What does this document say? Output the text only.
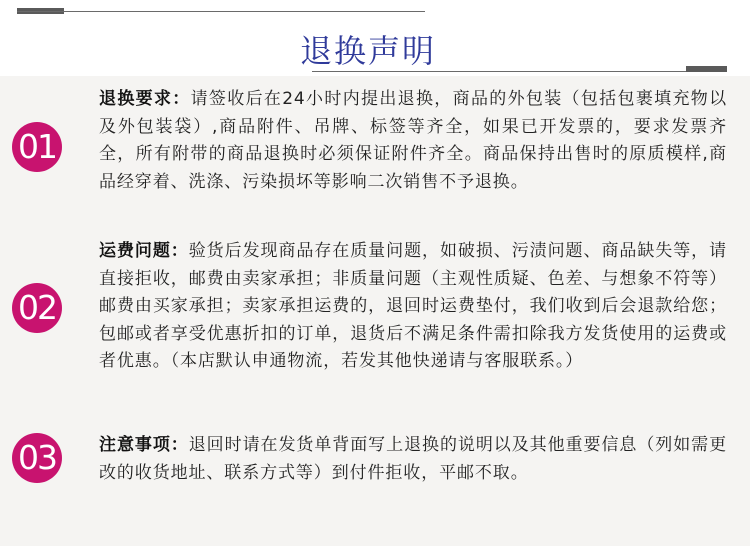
退换声明
01
退换要求：请签收后在24小时内提出退换，商品的外包装（包括包裹填充物以及外包装袋）,商品附件、吊牌、标签等齐全，如果已开发票的，要求发票齐全，所有附带的商品退换时必须保证附件齐全。商品保持出售时的原质模样,商品经穿着、洗涤、污染损坏等影响二次销售不予退换。
02
运费问题：验货后发现商品存在质量问题，如破损、污渍问题、商品缺失等，请直接拒收，邮费由卖家承担；非质量问题（主观性质疑、色差、与想象不符等）邮费由买家承担；卖家承担运费的，退回时运费垫付，我们收到后会退款给您；包邮或者享受优惠折扣的订单，退货后不满足条件需扣除我方发货使用的运费或者优惠。（本店默认申通物流，若发其他快递请与客服联系。）
03	注意事项：退回时请在发货单背面写上退换的说明以及其他重要信息（列如需更改的收货地址、联系方式等）到付件拒收，平邮不取。
